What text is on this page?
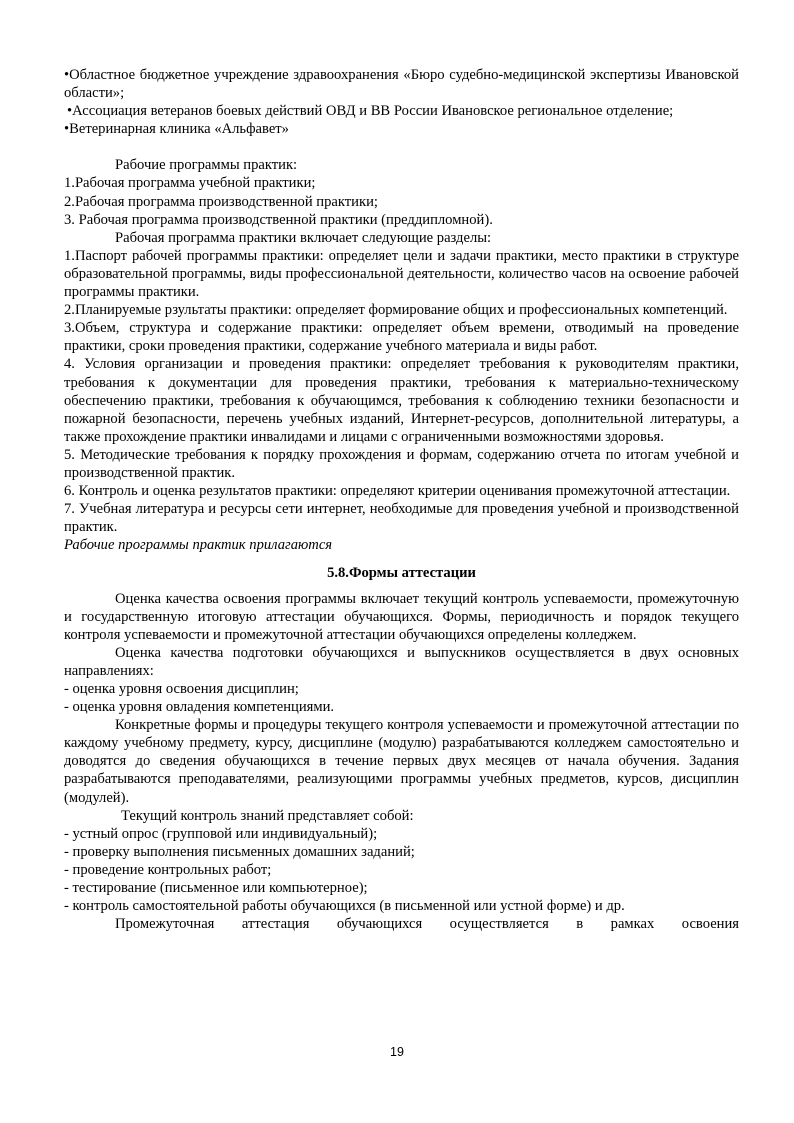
•Областное бюджетное учреждение здравоохранения «Бюро судебно-медицинской экспертизы Ивановской области»;

•Ассоциация ветеранов боевых действий ОВД и ВВ России Ивановское региональное отделение;

•Ветеринарная клиника «Альфавет»

Рабочие программы практик:

1.Рабочая программа учебной практики;

2.Рабочая программа производственной практики;

3. Рабочая программа производственной практики (преддипломной).

Рабочая программа практики включает следующие разделы:

1.Паспорт рабочей программы практики: определяет цели и задачи практики, место практики в структуре образовательной программы, виды профессиональной деятельности, количество часов на освоение рабочей программы практики.

2.Планируемые рзультаты практики: определяет формирование общих и профессиональных компетенций.

3.Объем, структура и содержание практики: определяет объем времени, отводимый на проведение практики, сроки проведения практики, содержание учебного материала и виды работ.

4. Условия организации и проведения практики: определяет требования к руководителям практики, требования к документации для проведения практики, требования к материально-техническому обеспечению практики, требования к обучающимся, требования к соблюдению техники безопасности и пожарной безопасности, перечень учебных изданий, Интернет-ресурсов, дополнительной литературы, а также прохождение практики инвалидами и лицами с ограниченными возможностями здоровья.

5. Методические требования к порядку прохождения и формам, содержанию отчета по итогам учебной и производственной практик.

6. Контроль и оценка результатов практики: определяют критерии оценивания промежуточной аттестации.

7. Учебная литература и ресурсы сети интернет, необходимые для проведения учебной и производственной практик.

Рабочие программы практик прилагаются

5.8.Формы аттестации

Оценка качества освоения программы включает текущий контроль успеваемости, промежуточную и государственную итоговую аттестации обучающихся. Формы, периодичность и порядок текущего контроля успеваемости и промежуточной аттестации обучающихся определены колледжем.

Оценка качества подготовки обучающихся и выпускников осуществляется в двух основных направлениях:

- оценка уровня освоения дисциплин;

- оценка уровня овладения компетенциями.

Конкретные формы и процедуры текущего контроля успеваемости и промежуточной аттестации по каждому учебному предмету, курсу, дисциплине (модулю) разрабатываются колледжем самостоятельно и доводятся до сведения обучающихся в течение первых двух месяцев от начала обучения. Задания разрабатываются преподавателями, реализующими программы учебных предметов, курсов, дисциплин (модулей).

Текущий контроль знаний представляет собой:

- устный опрос (групповой или индивидуальный);

- проверку выполнения письменных домашних заданий;

- проведение контрольных работ;

- тестирование (письменное или компьютерное);

- контроль самостоятельной работы обучающихся (в письменной или устной форме) и др.

Промежуточная аттестация обучающихся осуществляется в рамках освоения

19
